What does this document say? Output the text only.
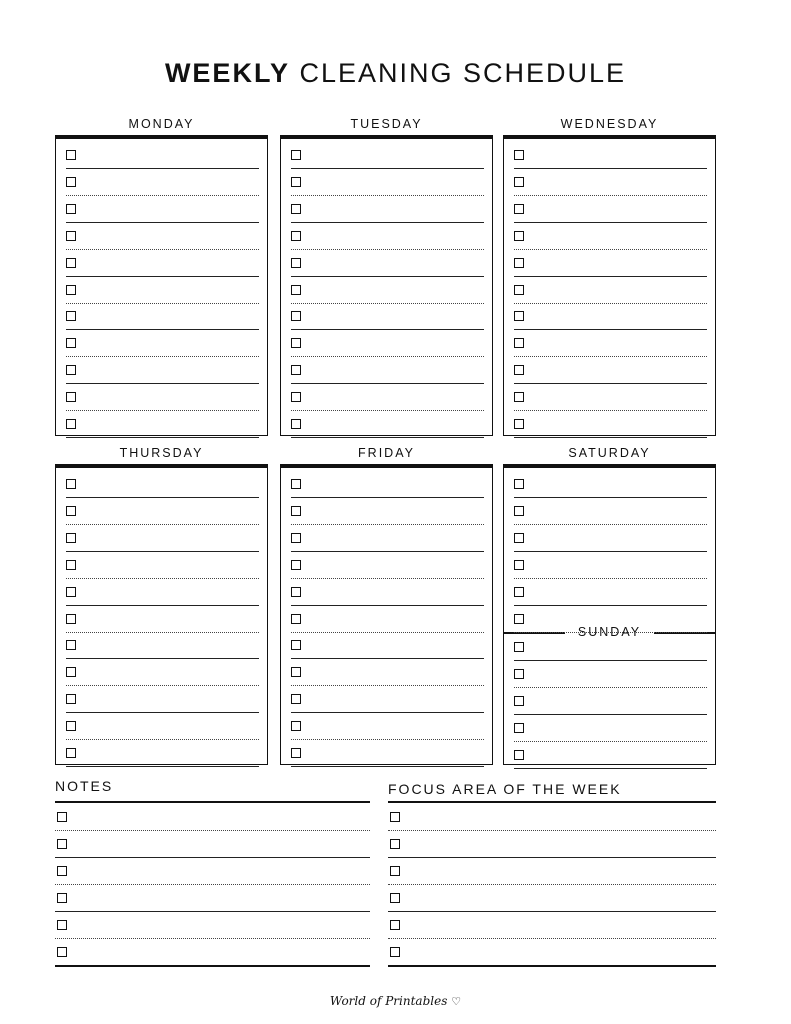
WEEKLY CLEANING SCHEDULE
MONDAY	TUESDAY	WEDNESDAY
THURSDAY	FRIDAY	SATURDAY
SUNDAY
NOTES	FOCUS AREA OF THE WEEK
World of Printables ♡
